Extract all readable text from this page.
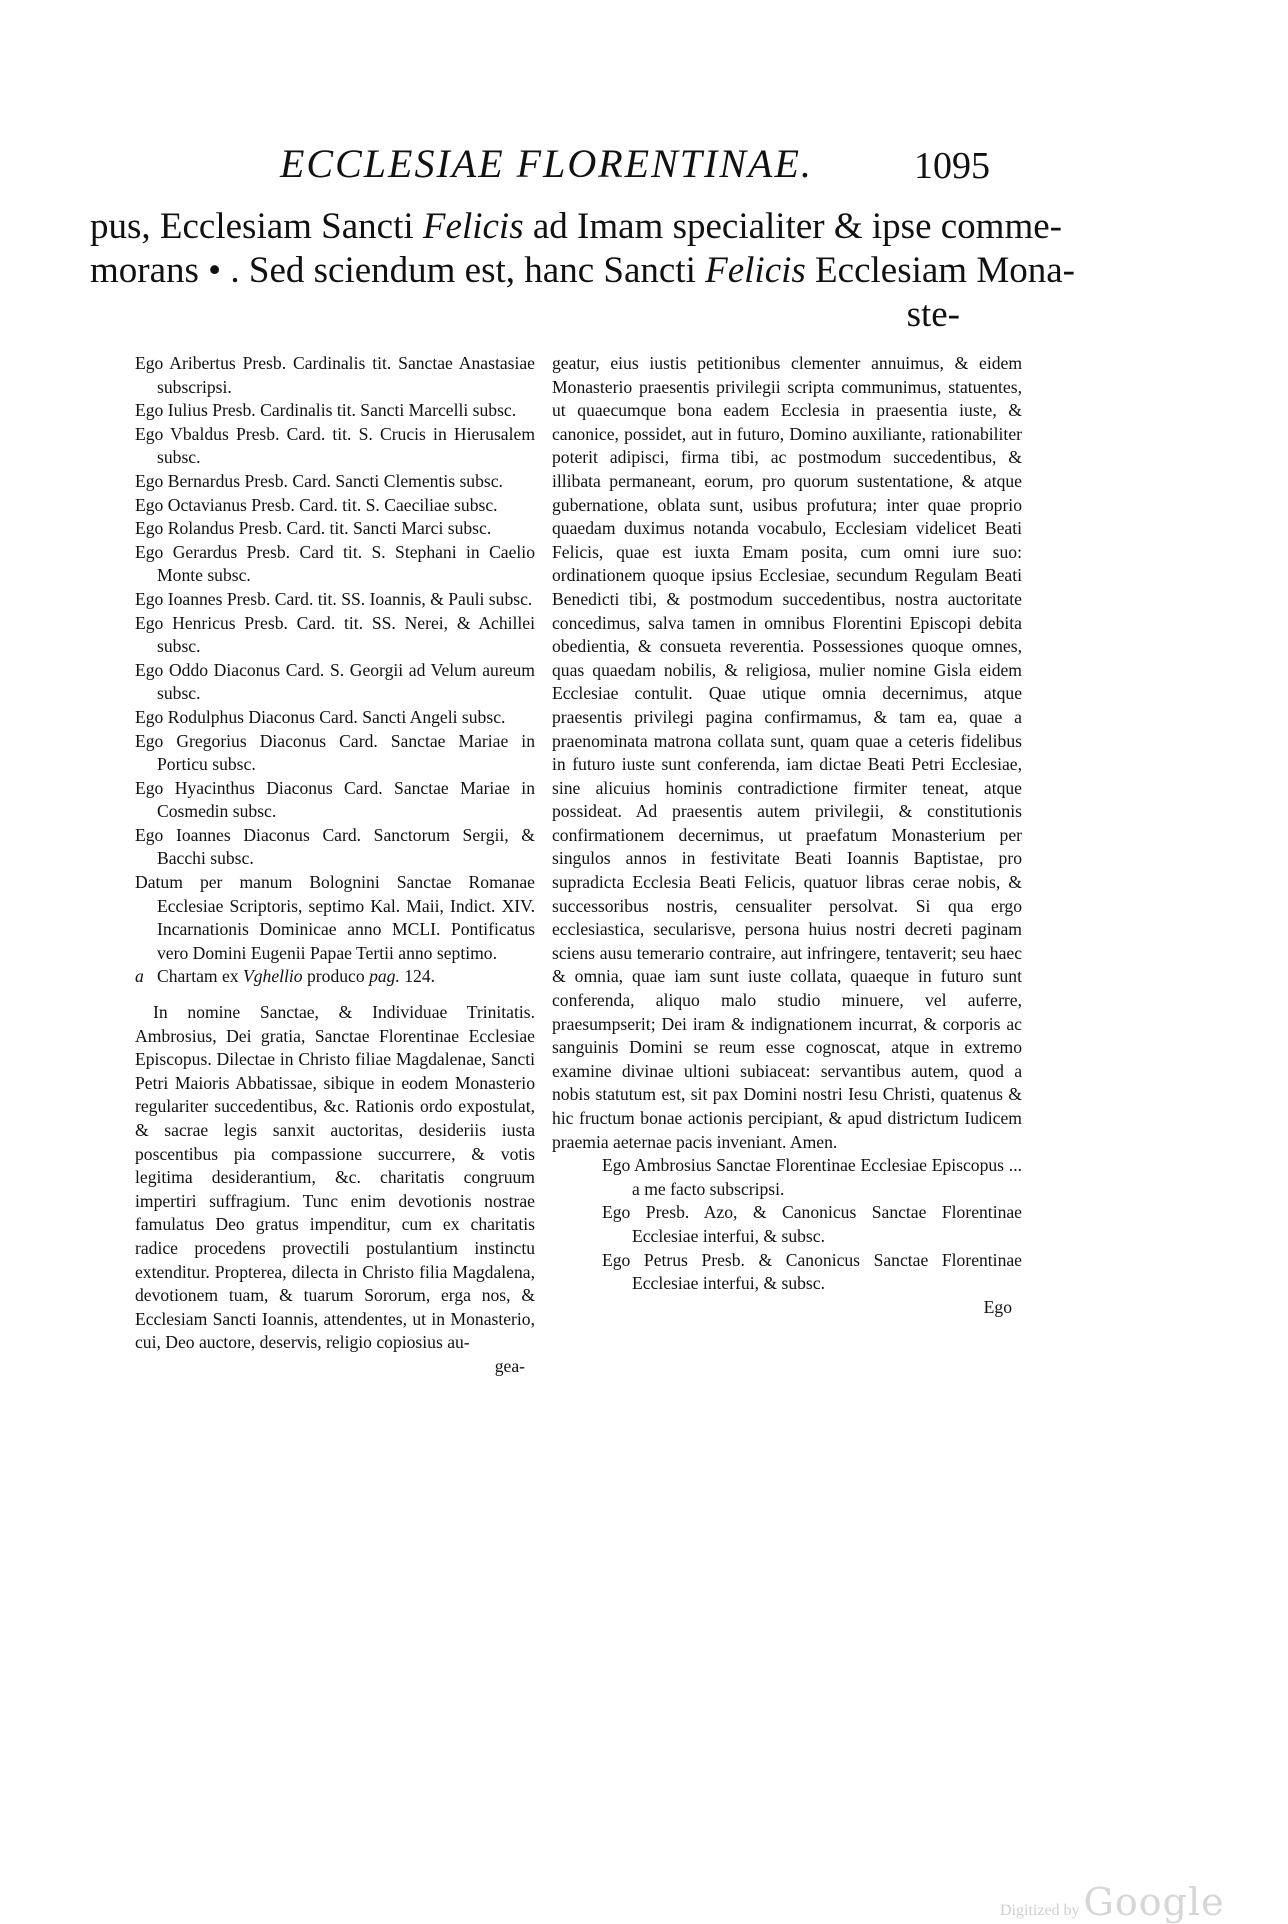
ECCLESIAE FLORENTINAE.	1095
pus, Ecclesiam Sancti Felicis ad Imam specialiter & ipse comme-
morans • . Sed sciendum est, hanc Sancti Felicis Ecclesiam Mona-
ste-

Ego Aribertus Presb. Cardinalis tit. Sanctae Anastasiae subscripsi.

Ego Iulius Presb. Cardinalis tit. Sancti Marcelli subsc.

Ego Vbaldus Presb. Card. tit. S. Crucis in Hierusalem subsc.

Ego Bernardus Presb. Card. Sancti Clementis subsc.

Ego Octavianus Presb. Card. tit. S. Caeciliae subsc.

Ego Rolandus Presb. Card. tit. Sancti Marci subsc.

Ego Gerardus Presb. Card tit. S. Stephani in Caelio Monte subsc.

Ego Ioannes Presb. Card. tit. SS. Ioannis, & Pauli subsc.

Ego Henricus Presb. Card. tit. SS. Nerei, & Achillei subsc.

Ego Oddo Diaconus Card. S. Georgii ad Velum aureum subsc.

Ego Rodulphus Diaconus Card. Sancti Angeli subsc.

Ego Gregorius Diaconus Card. Sanctae Mariae in Porticu subsc.

Ego Hyacinthus Diaconus Card. Sanctae Mariae in Cosmedin subsc.

Ego Ioannes Diaconus Card. Sanctorum Sergii, & Bacchi subsc.

Datum per manum Bolognini Sanctae Romanae Ecclesiae Scriptoris, septimo Kal. Maii, Indict. XIV. Incarnationis Dominicae anno MCLI. Pontificatus vero Domini Eugenii Papae Tertii anno septimo.

a Chartam ex Vghellio produco pag. 124.

In nomine Sanctae, & Individuae Trinitatis. Ambrosius, Dei gratia, Sanctae Florentinae Ecclesiae Episcopus. Dilectae in Christo filiae Magdalenae, Sancti Petri Maioris Abbatissae, sibique in eodem Monasterio regulariter succedentibus, &c. Rationis ordo expostulat, & sacrae legis sanxit auctoritas, desideriis iusta poscentibus pia compassione succurrere, & votis legitima desiderantium, &c. charitatis congruum impertiri suffragium. Tunc enim devotionis nostrae famulatus Deo gratus impenditur, cum ex charitatis radice procedens provectili postulantium instinctu extenditur. Propterea, dilecta in Christo filia Magdalena, devotionem tuam, & tuarum Sororum, erga nos, & Ecclesiam Sancti Ioannis, attendentes, ut in Monasterio, cui, Deo auctore, deservis, religio copiosius au-

gea-

geatur, eius iustis petitionibus clementer annuimus, & eidem Monasterio praesentis privilegii scripta communimus, statuentes, ut quaecumque bona eadem Ecclesia in praesentia iuste, & canonice, possidet, aut in futuro, Domino auxiliante, rationabiliter poterit adipisci, firma tibi, ac postmodum succedentibus, & illibata permaneant, eorum, pro quorum sustentatione, & atque gubernatione, oblata sunt, usibus profutura; inter quae proprio quaedam duximus notanda vocabulo, Ecclesiam videlicet Beati Felicis, quae est iuxta Emam posita, cum omni iure suo: ordinationem quoque ipsius Ecclesiae, secundum Regulam Beati Benedicti tibi, & postmodum succedentibus, nostra auctoritate concedimus, salva tamen in omnibus Florentini Episcopi debita obedientia, & consueta reverentia. Possessiones quoque omnes, quas quaedam nobilis, & religiosa, mulier nomine Gisla eidem Ecclesiae contulit. Quae utique omnia decernimus, atque praesentis privilegi pagina confirmamus, & tam ea, quae a praenominata matrona collata sunt, quam quae a ceteris fidelibus in futuro iuste sunt conferenda, iam dictae Beati Petri Ecclesiae, sine alicuius hominis contradictione firmiter teneat, atque possideat. Ad praesentis autem privilegii, & constitutionis confirmationem decernimus, ut praefatum Monasterium per singulos annos in festivitate Beati Ioannis Baptistae, pro supradicta Ecclesia Beati Felicis, quatuor libras cerae nobis, & successoribus nostris, censualiter persolvat. Si qua ergo ecclesiastica, secularisve, persona huius nostri decreti paginam sciens ausu temerario contraire, aut infringere, tentaverit; seu haec & omnia, quae iam sunt iuste collata, quaeque in futuro sunt conferenda, aliquo malo studio minuere, vel auferre, praesumpserit; Dei iram & indignationem incurrat, & corporis ac sanguinis Domini se reum esse cognoscat, atque in extremo examine divinae ultioni subiaceat: servantibus autem, quod a nobis statutum est, sit pax Domini nostri Iesu Christi, quatenus & hic fructum bonae actionis percipiant, & apud districtum Iudicem praemia aeternae pacis inveniant. Amen.

Ego Ambrosius Sanctae Florentinae Ecclesiae Episcopus ... a me facto subscripsi.

Ego Presb. Azo, & Canonicus Sanctae Florentinae Ecclesiae interfui, & subsc.

Ego Petrus Presb. & Canonicus Sanctae Florentinae Ecclesiae interfui, & subsc.

Ego

Digitized by Google
